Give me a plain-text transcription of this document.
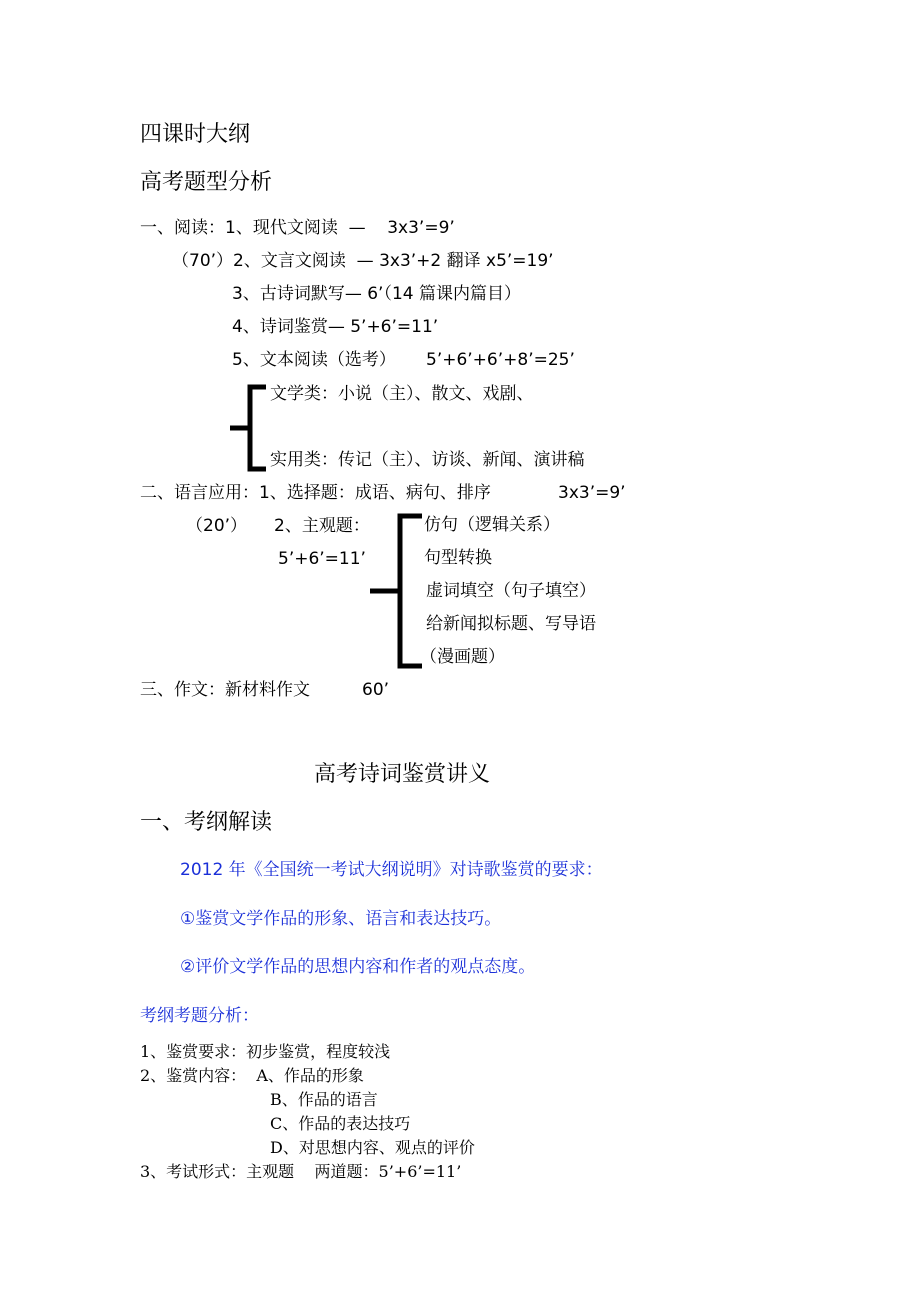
四课时大纲
高考题型分析
一、阅读：1、现代文阅读  —    3x3’=9’
（70’）2、文言文阅读  — 3x3’+2 翻译 x5’=19’
3、古诗词默写— 6’（14 篇课内篇目）
4、诗词鉴赏— 5’+6’=11’
5、文本阅读（选考） 5’+6’+6’+8’=25’
文学类：小说（主）、散文、戏剧、
实用类：传记（主）、访谈、新闻、演讲稿
二、语言应用：1、选择题：成语、病句、排序	3x3’=9’
（20’） 2、主观题：
5’+6’=11’
仿句（逻辑关系）
句型转换
虚词填空（句子填空）
给新闻拟标题、写导语
（漫画题）
三、作文：新材料作文	60’
高考诗词鉴赏讲义
一、考纲解读
2012 年《全国统一考试大纲说明》对诗歌鉴赏的要求：
①鉴赏文学作品的形象、语言和表达技巧。
②评价文学作品的思想内容和作者的观点态度。
考纲考题分析：
1、鉴赏要求：初步鉴赏，程度较浅
2、鉴赏内容：  A、作品的形象
B、作品的语言
C、作品的表达技巧
D、对思想内容、观点的评价
3、考试形式：主观题    两道题：5’+6’=11’
